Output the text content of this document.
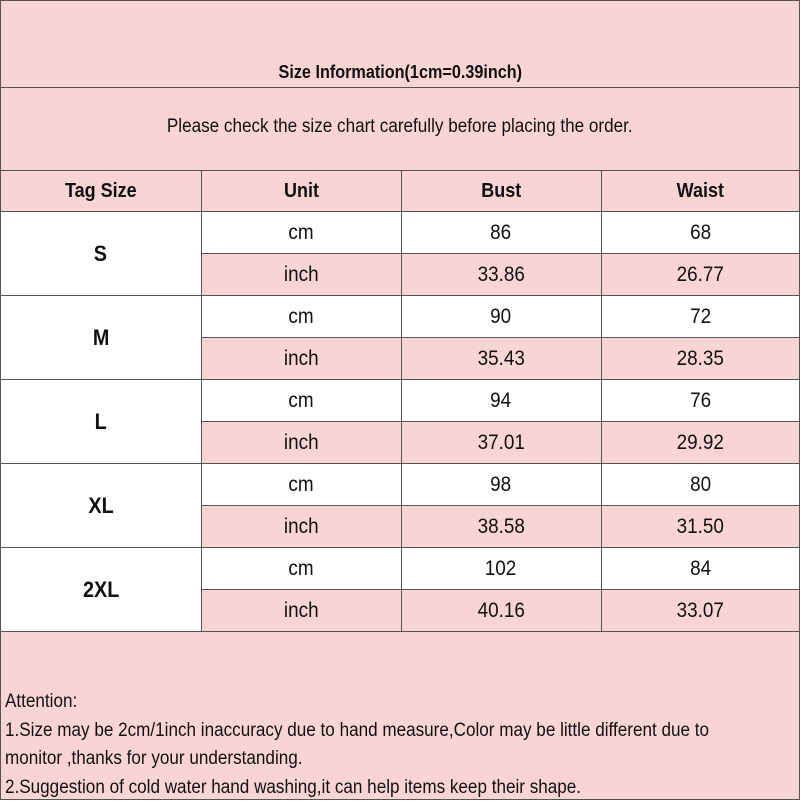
Size Information(1cm=0.39inch)
Please check the size chart carefully before placing the order.
Tag Size	Unit	Bust	Waist
S	cm	86	68
	inch	33.86	26.77
M	cm	90	72
	inch	35.43	28.35
L	cm	94	76
	inch	37.01	29.92
XL	cm	98	80
	inch	38.58	31.50
2XL	cm	102	84
	inch	40.16	33.07
Attention:
1.Size may be 2cm/1inch inaccuracy due to hand measure,Color may be little different due to
monitor ,thanks for your understanding.
2.Suggestion of cold water hand washing,it can help items keep their shape.
